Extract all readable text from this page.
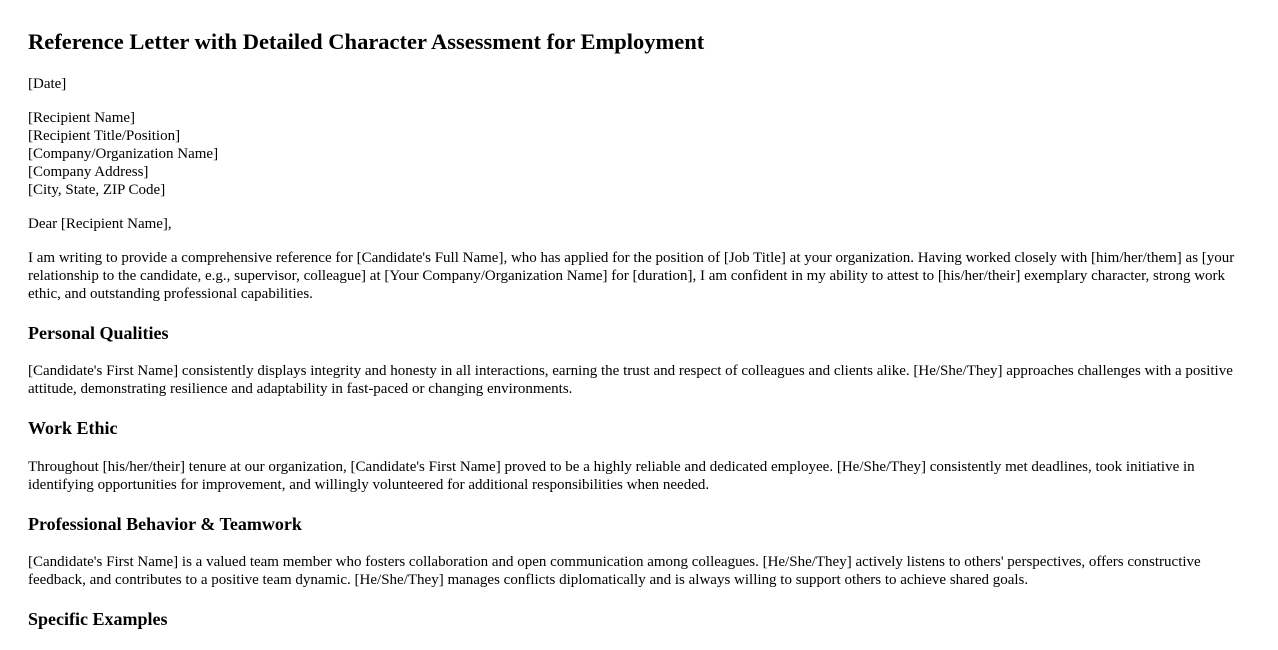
Reference Letter with Detailed Character Assessment for Employment

[Date]

[Recipient Name]
[Recipient Title/Position]
[Company/Organization Name]
[Company Address]
[City, State, ZIP Code]

Dear [Recipient Name],

I am writing to provide a comprehensive reference for [Candidate's Full Name], who has applied for the position of [Job Title] at your organization. Having worked closely with [him/her/them] as [your relationship to the candidate, e.g., supervisor, colleague] at [Your Company/Organization Name] for [duration], I am confident in my ability to attest to [his/her/their] exemplary character, strong work ethic, and outstanding professional capabilities.

Personal Qualities

[Candidate's First Name] consistently displays integrity and honesty in all interactions, earning the trust and respect of colleagues and clients alike. [He/She/They] approaches challenges with a positive attitude, demonstrating resilience and adaptability in fast-paced or changing environments.

Work Ethic

Throughout [his/her/their] tenure at our organization, [Candidate's First Name] proved to be a highly reliable and dedicated employee. [He/She/They] consistently met deadlines, took initiative in identifying opportunities for improvement, and willingly volunteered for additional responsibilities when needed.

Professional Behavior & Teamwork

[Candidate's First Name] is a valued team member who fosters collaboration and open communication among colleagues. [He/She/They] actively listens to others' perspectives, offers constructive feedback, and contributes to a positive team dynamic. [He/She/They] manages conflicts diplomatically and is always willing to support others to achieve shared goals.

Specific Examples
